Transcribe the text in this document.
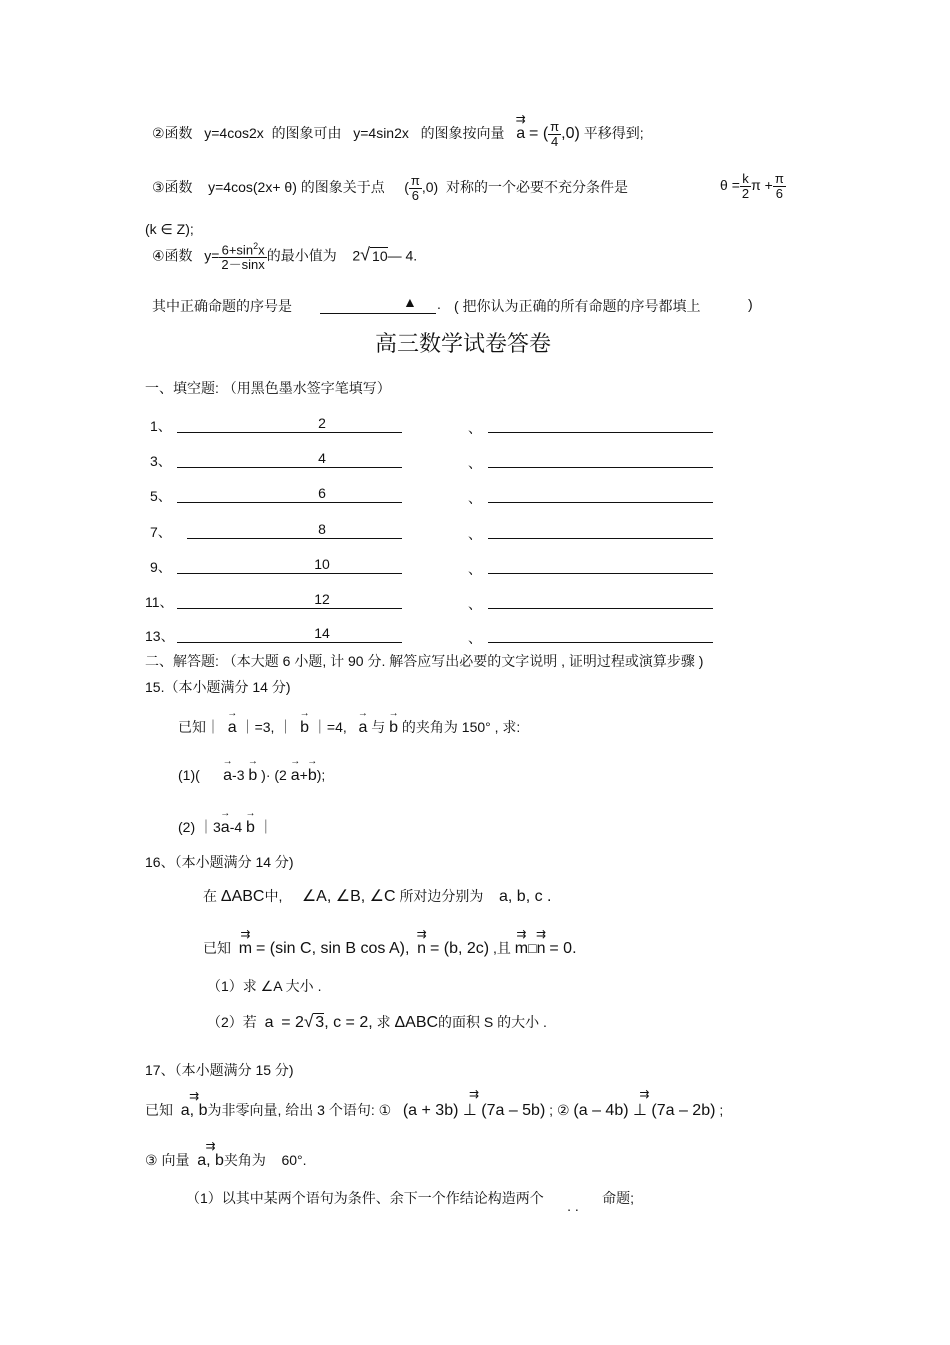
②函数 y=4cos2x 的图象可由 y=4sin2x 的图象按向量 ⇉ a = ( $\frac{\pi}{4} ,0$) 平移得到;
③函数 y=4cos(2x+ θ) 的图象关于点 ( $\frac{\pi}{6} ,0$) 对称的一个必要不充分条件是	$\theta = \frac{k}{2}$ $\pi + \frac{\pi}{6}$
(k ∈ Z);
④函数 $y= \frac{6+\sin^2x}{2-\sin x}$ 的最小值为 2√ 10— 4.
其中正确命题的序号是	▲ . ( 把你认为正确的所有命题的序号都填上	)
高三数学试卷答卷
一、填空题: （用黑色墨水签字笔填写）
1、	2	、
3、	4	、
5、	6	、
7、	8	、
9、	10	、
11、	12	、
13、	14	、
二、解答题: （本大题 6 小题, 计 90 分. 解答应写出必要的文字说明 , 证明过程或演算步骤 )
15.（本小题满分 14 分)
已知｜ → a ｜=3, ｜ → b ｜=4, → a 与 → b 的夹角为 150° , 求:
(1)( → a-3 → b )· (2 → a+→ b);
(2) ｜3→ a-4 → b ｜
16、（本小题满分 14 分)
在 ΔABC中, ∠A, ∠B, ∠C 所对边分别为 a, b, c .
已知 ⇉ m = (sin C, sin B cos A), ⇉ n = (b, 2c) ,且 ⇉ m□⇉ n = 0.
（1）求 ∠A 大小 .
（2）若 a = 2√ 3, c = 2, 求 ΔABC的面积 S 的大小 .
17、（本小题满分 15 分)
已知 ⇉ a, b为非零向量, 给出 3 个语句: ① ⇉ (a + 3b) ⊥ (7a – 5b) ; ② ⇉ (a – 4b) ⊥ (7a – 2b) ;
③ 向量 ⇉ a, b夹角为 60°.
（1）以其中某两个语句为条件、余下一个作结论构造两个 . . 命题;
